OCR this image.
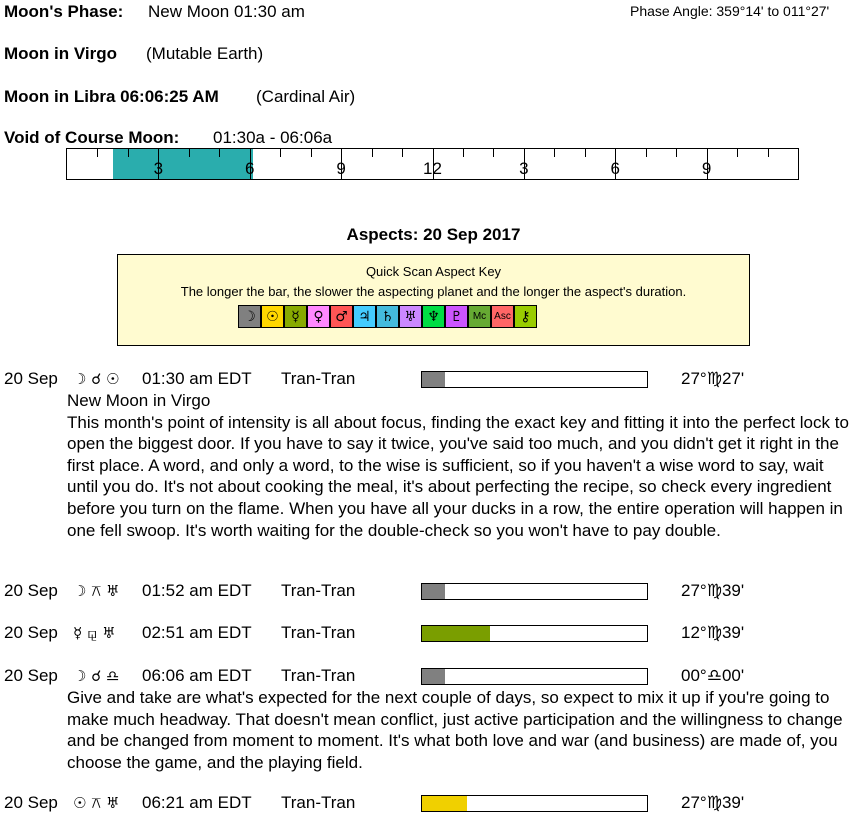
Moon's Phase: New Moon 01:30 am	Phase Angle: 359°14' to 011°27'
Moon in Virgo (Mutable Earth)
Moon in Libra 06:06:25 AM (Cardinal Air)
Void of Course Moon: 01:30a - 06:06a
3	6	9	12	3	6	9
Aspects: 20 Sep 2017
Quick Scan Aspect Key
The longer the bar, the slower the aspecting planet and the longer the aspect's duration.
☽ ☉ ☿ ♀ ♂ ♃ ♄ ♅ ♆ ♇	Mc Asc ⚷
20 Sep ☽ ☌ ☉ 01:30 am EDT Tran-Tran	27°♍27'
New Moon in Virgo
This month's point of intensity is all about focus, finding the exact key and fitting it into the perfect lock to open the biggest door. If you have to say it twice, you've said too much, and you didn't get it right in the first place. A word, and only a word, to the wise is sufficient, so if you haven't a wise word to say, wait until you do. It's not about cooking the meal, it's about perfecting the recipe, so check every ingredient before you turn on the flame. When you have all your ducks in a row, the entire operation will happen in one fell swoop. It's worth waiting for the double-check so you won't have to pay double.
20 Sep ☽ ⚻ ♅ 01:52 am EDT Tran-Tran	27°♍39'
20 Sep ☿ ⚼ ♅ 02:51 am EDT Tran-Tran	12°♍39'
20 Sep ☽ ☌ ♎ 06:06 am EDT Tran-Tran	00°♎00'
Give and take are what's expected for the next couple of days, so expect to mix it up if you're going to make much headway. That doesn't mean conflict, just active participation and the willingness to change and be changed from moment to moment. It's what both love and war (and business) are made of, you choose the game, and the playing field.
20 Sep ☉ ⚻ ♅ 06:21 am EDT Tran-Tran	27°♍39'
